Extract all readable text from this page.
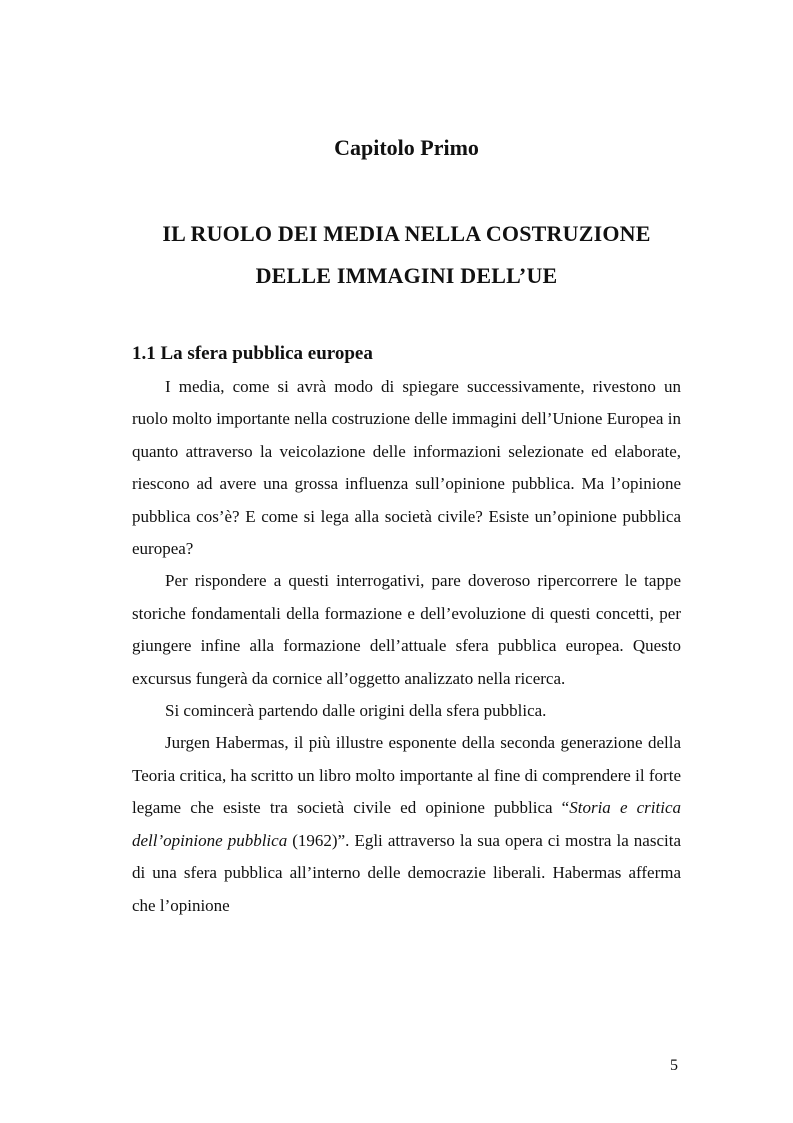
Capitolo Primo
IL RUOLO DEI MEDIA NELLA COSTRUZIONE
DELLE IMMAGINI DELL’UE
1.1 La sfera pubblica europea

I media, come si avrà modo di spiegare successivamente, rivestono un ruolo molto importante nella costruzione delle immagini dell’Unione Europea in quanto attraverso la veicolazione delle informazioni selezionate ed elaborate, riescono ad avere una grossa influenza sull’opinione pubblica. Ma l’opinione pubblica cos’è? E come si lega alla società civile? Esiste un’opinione pubblica europea?

Per rispondere a questi interrogativi, pare doveroso ripercorrere le tappe storiche fondamentali della formazione e dell’evoluzione di questi concetti, per giungere infine alla formazione dell’attuale sfera pubblica europea. Questo excursus fungerà da cornice all’oggetto analizzato nella ricerca.

Si comincerà partendo dalle origini della sfera pubblica.

Jurgen Habermas, il più illustre esponente della seconda generazione della Teoria critica, ha scritto un libro molto importante al fine di comprendere il forte legame che esiste tra società civile ed opinione pubblica “Storia e critica dell’opinione pubblica (1962)”. Egli attraverso la sua opera ci mostra la nascita di una sfera pubblica all’interno delle democrazie liberali. Habermas afferma che l’opinione

5
